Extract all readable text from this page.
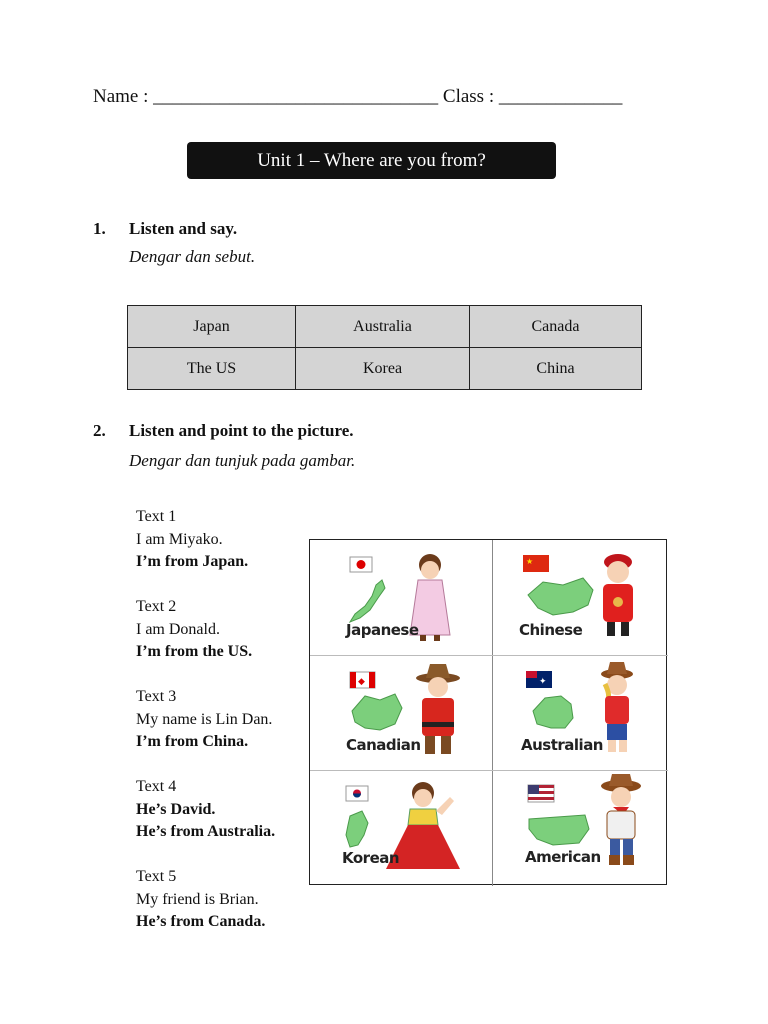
Name : ______________________________ Class : _____________
Unit 1 – Where are you from?
1. Listen and say.
Dengar dan sebut.
Japan	Australia	Canada
The US	Korea	China
2. Listen and point to the picture.
Dengar dan tunjuk pada gambar.
Text 1
I am Miyako.
I’m from Japan.
Text 2
I am Donald.
I’m from the US.
Text 3
My name is Lin Dan.
I’m from China.
Text 4
He’s David.
He’s from Australia.
Text 5
My friend is Brian.
He’s from Canada.
Japanese
★
Chinese
◆
Canadian
✦
Australian
Korean	American
